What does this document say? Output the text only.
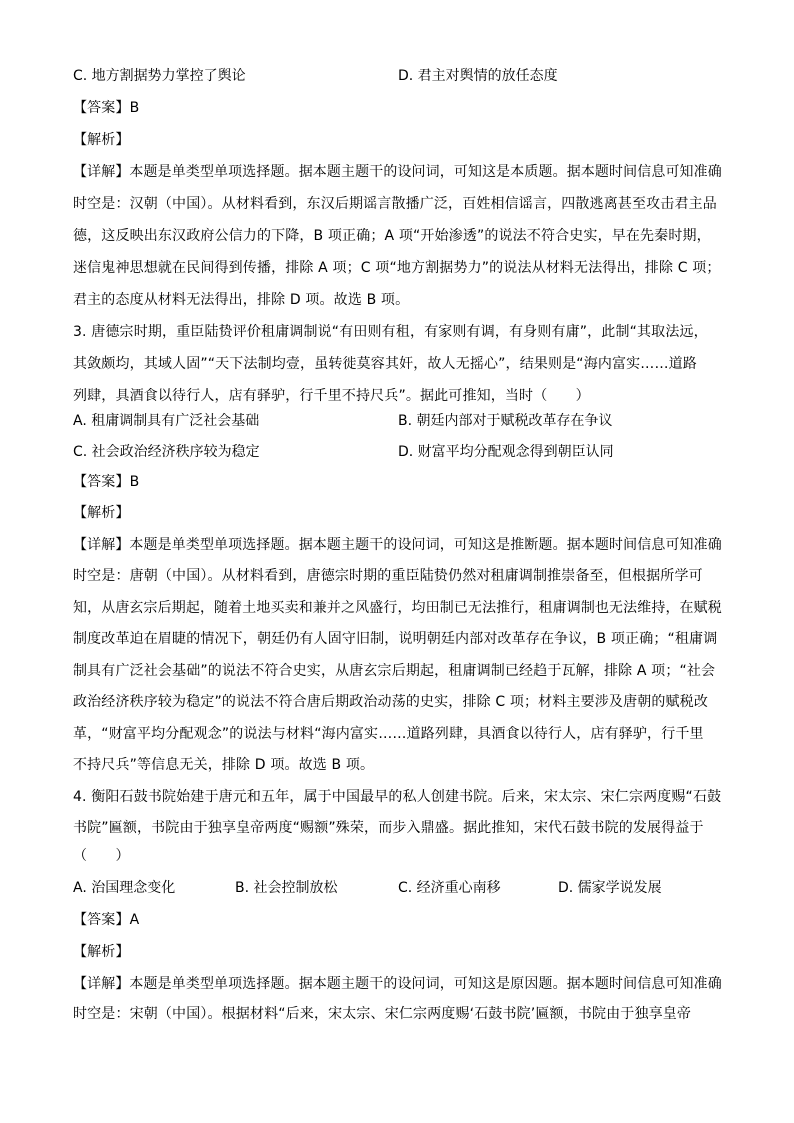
C. 地方割据势力掌控了舆论	D. 君主对舆情的放任态度
【答案】B
【解析】
【详解】本题是单类型单项选择题。据本题主题干的设问词，可知这是本质题。据本题时间信息可知准确
时空是：汉朝（中国）。从材料看到，东汉后期谣言散播广泛，百姓相信谣言，四散逃离甚至攻击君主品
德，这反映出东汉政府公信力的下降，B 项正确；A 项“开始渗透”的说法不符合史实，早在先秦时期，
迷信鬼神思想就在民间得到传播，排除 A 项；C 项“地方割据势力”的说法从材料无法得出，排除 C 项；
君主的态度从材料无法得出，排除 D 项。故选 B 项。
3. 唐德宗时期，重臣陆贽评价租庸调制说“有田则有租，有家则有调，有身则有庸”，此制“其取法远，
其敛颇均，其域人固”“天下法制均壹，虽转徙莫容其奸，故人无摇心”，结果则是“海内富实……道路
列肆，具酒食以待行人，店有驿驴，行千里不持尺兵”。据此可推知，当时（　　）
A. 租庸调制具有广泛社会基础	B. 朝廷内部对于赋税改革存在争议
C. 社会政治经济秩序较为稳定	D. 财富平均分配观念得到朝臣认同
【答案】B
【解析】
【详解】本题是单类型单项选择题。据本题主题干的设问词，可知这是推断题。据本题时间信息可知准确
时空是：唐朝（中国）。从材料看到，唐德宗时期的重臣陆贽仍然对租庸调制推崇备至，但根据所学可
知，从唐玄宗后期起，随着土地买卖和兼并之风盛行，均田制已无法推行，租庸调制也无法维持，在赋税
制度改革迫在眉睫的情况下，朝廷仍有人固守旧制，说明朝廷内部对改革存在争议，B 项正确；“租庸调
制具有广泛社会基础”的说法不符合史实，从唐玄宗后期起，租庸调制已经趋于瓦解，排除 A 项；“社会
政治经济秩序较为稳定”的说法不符合唐后期政治动荡的史实，排除 C 项；材料主要涉及唐朝的赋税改
革，“财富平均分配观念”的说法与材料“海内富实……道路列肆，具酒食以待行人，店有驿驴，行千里
不持尺兵”等信息无关，排除 D 项。故选 B 项。
4. 衡阳石鼓书院始建于唐元和五年，属于中国最早的私人创建书院。后来，宋太宗、宋仁宗两度赐“石鼓
书院”匾额，书院由于独享皇帝两度“赐额”殊荣，而步入鼎盛。据此推知，宋代石鼓书院的发展得益于
（　　）
A. 治国理念变化	B. 社会控制放松	C. 经济重心南移	D. 儒家学说发展
【答案】A
【解析】
【详解】本题是单类型单项选择题。据本题主题干的设问词，可知这是原因题。据本题时间信息可知准确
时空是：宋朝（中国）。根据材料“后来，宋太宗、宋仁宗两度赐‘石鼓书院’匾额，书院由于独享皇帝
